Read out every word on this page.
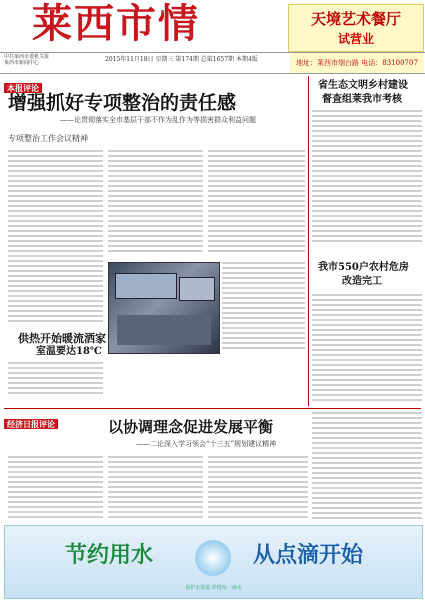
莱西市情	天境艺术餐厅
试营业
中共莱西市委机关报
莱西市新闻中心	2015年11月18日 星期三 第174期 总第1657期 本期4版	地址：莱西市烟台路 电话：83100707
本报评论
增强抓好专项整治的责任感
——论贯彻落实全市基层干部不作为乱作为等损害群众利益问题
专项整治工作会议精神
供热开始暖流洒家
室温要达18℃
省生态文明乡村建设
督查组莱我市考核
我市550户农村危房
改造完工
经济日报评论	以协调理念促进发展平衡
——二论深入学习领会“十三五”规划建议精神
节约用水	从点滴开始
保护水资源 珍惜每一滴水
